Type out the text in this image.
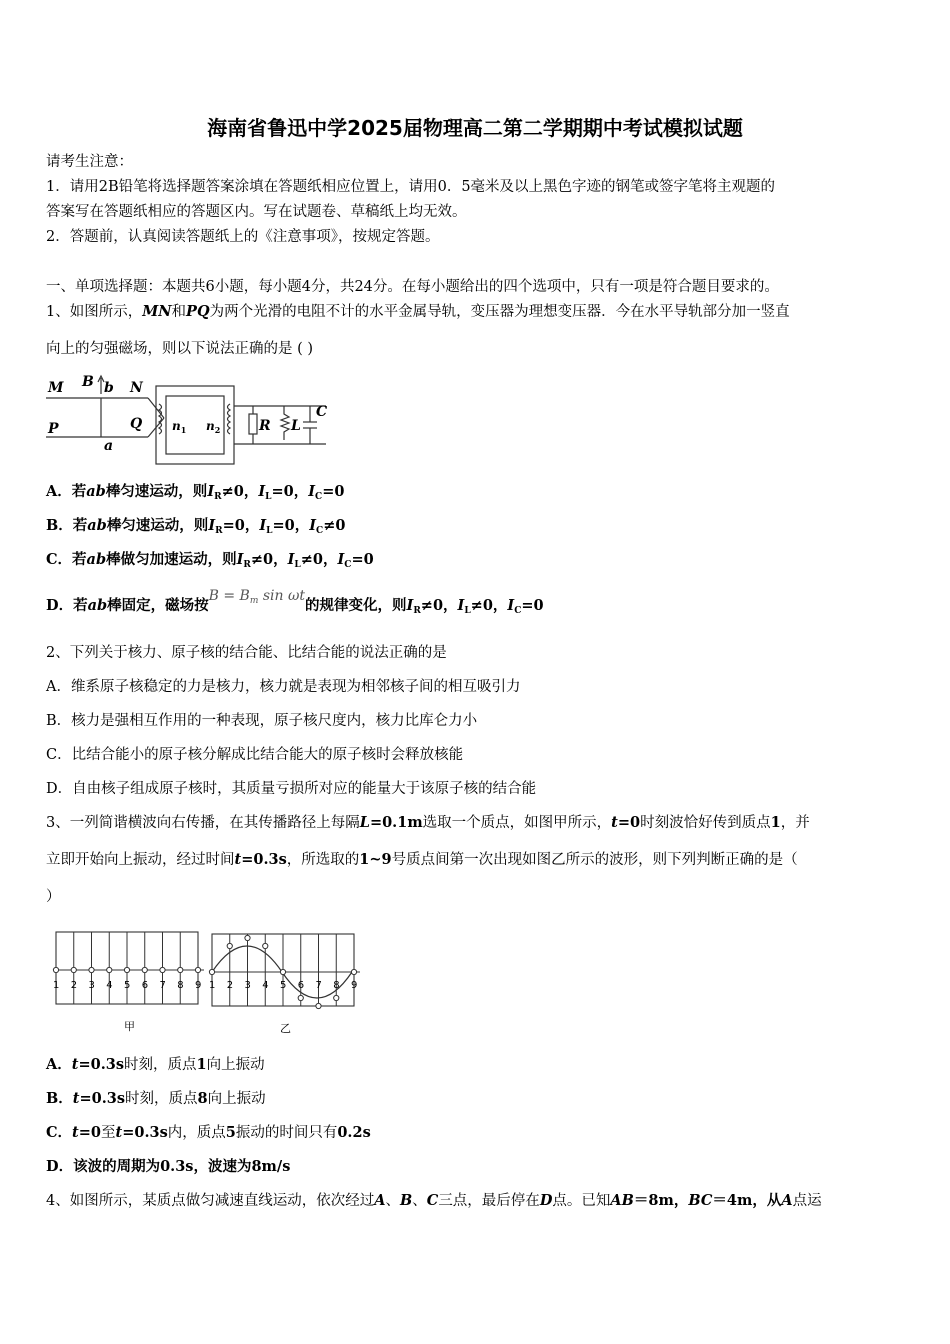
海南省鲁迅中学2025届物理高二第二学期期中考试模拟试题
请考生注意：
1．请用2B铅笔将选择题答案涂填在答题纸相应位置上，请用0．5毫米及以上黑色字迹的钢笔或签字笔将主观题的
答案写在答题纸相应的答题区内。写在试题卷、草稿纸上均无效。
2．答题前，认真阅读答题纸上的《注意事项》，按规定答题。
一、单项选择题：本题共6小题，每小题4分，共24分。在每小题给出的四个选项中，只有一项是符合题目要求的。
1、如图所示，MN和PQ为两个光滑的电阻不计的水平金属导轨，变压器为理想变压器．今在水平导轨部分加一竖直
向上的匀强磁场，则以下说法正确的是 ( )
M B b N
P	Q
a
$n_1$ $n_2$	R L
C
A．若ab棒匀速运动，则$I_R\ne 0$，$I_L=0$，$I_C=0$
B．若ab棒匀速运动，则$I_R=0$，$I_L=0$，$I_C\ne 0$
C．若ab棒做匀加速运动，则$I_R\ne 0$，$I_L\ne 0$，$I_C=0$
D．若ab棒固定，磁场按$B = B_m$ sin ωt的规律变化，则$I_R\ne 0$，$I_L\ne 0$，$I_C=0$
2、下列关于核力、原子核的结合能、比结合能的说法正确的是
A．维系原子核稳定的力是核力，核力就是表现为相邻核子间的相互吸引力
B．核力是强相互作用的一种表现，原子核尺度内，核力比库仑力小
C．比结合能小的原子核分解成比结合能大的原子核时会释放核能
D．自由核子组成原子核时，其质量亏损所对应的能量大于该原子核的结合能
3、一列简谐横波向右传播，在其传播路径上每隔L=0.1m选取一个质点，如图甲所示，t=0时刻波恰好传到质点1，并
立即开始向上振动，经过时间t=0.3s，所选取的1~9号质点间第一次出现如图乙所示的波形，则下列判断正确的是（
）
1 2 3 4 5 6 7 8 9 1 2 3 4 5 6 7 8 9
甲	乙
A．t=0.3s时刻，质点1向上振动
B．t=0.3s时刻，质点8向上振动
C．t=0至t=0.3s内，质点5振动的时间只有0.2s
D．该波的周期为0.3s，波速为8m/s
4、如图所示，某质点做匀减速直线运动，依次经过A、B、C三点，最后停在D点。已知AB＝8m，BC＝4m，从A点运
